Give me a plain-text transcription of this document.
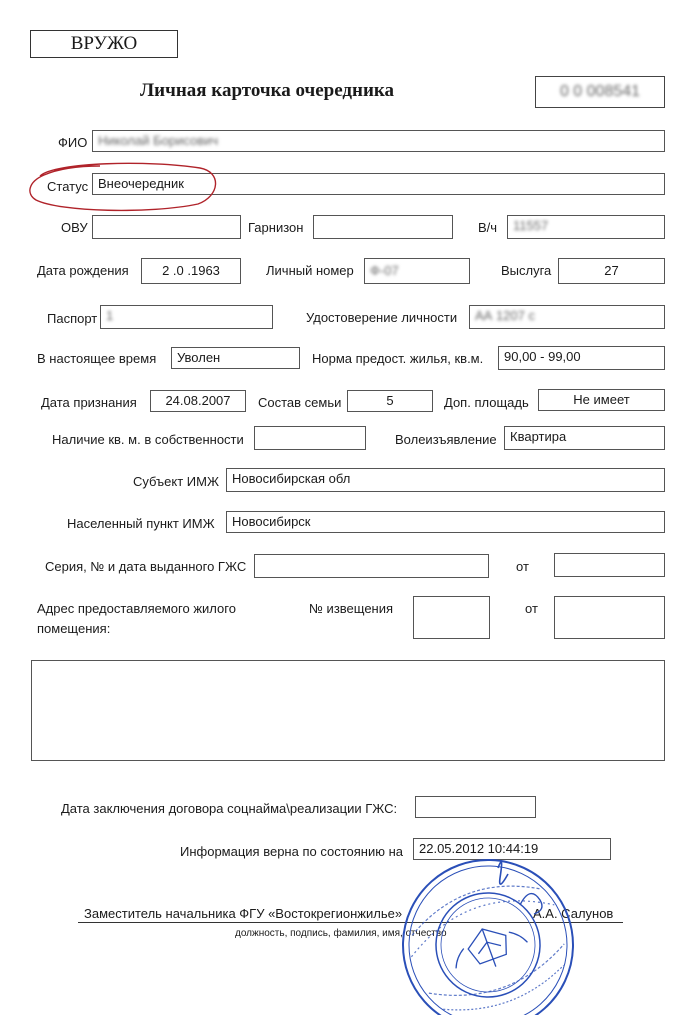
ВРУЖО
Личная карточка очередника	0 0 008541
ФИО Николай Борисович
Статус Внеочередник
ОВУ	Гарнизон	В/ч	11557
Дата рождения	2 .0 .1963	Личный номер	Ф-07	Выслуга	27
Паспорт 1	Удостоверение личности	АА 1207 с
В настоящее время	Уволен	Норма предост. жилья, кв.м.	90,00 - 99,00
Дата признания	24.08.2007	Состав семьи	5	Доп. площадь	Не имеет
Наличие кв. м. в собственности	Волеизъявление	Квартира
Субъект ИМЖ	Новосибирская обл
Населенный пункт ИМЖ	Новосибирск
Серия, № и дата выданного ГЖС	от
Адрес предоставляемого жилого
помещения:
№ извещения	от
Дата заключения договора соцнайма\реализации ГЖС:
Информация верна по состоянию на	22.05.2012 10:44:19
Заместитель начальника ФГУ «Востокрегионжилье»	А.А. Салунов
должность, подпись, фамилия, имя, отчество
